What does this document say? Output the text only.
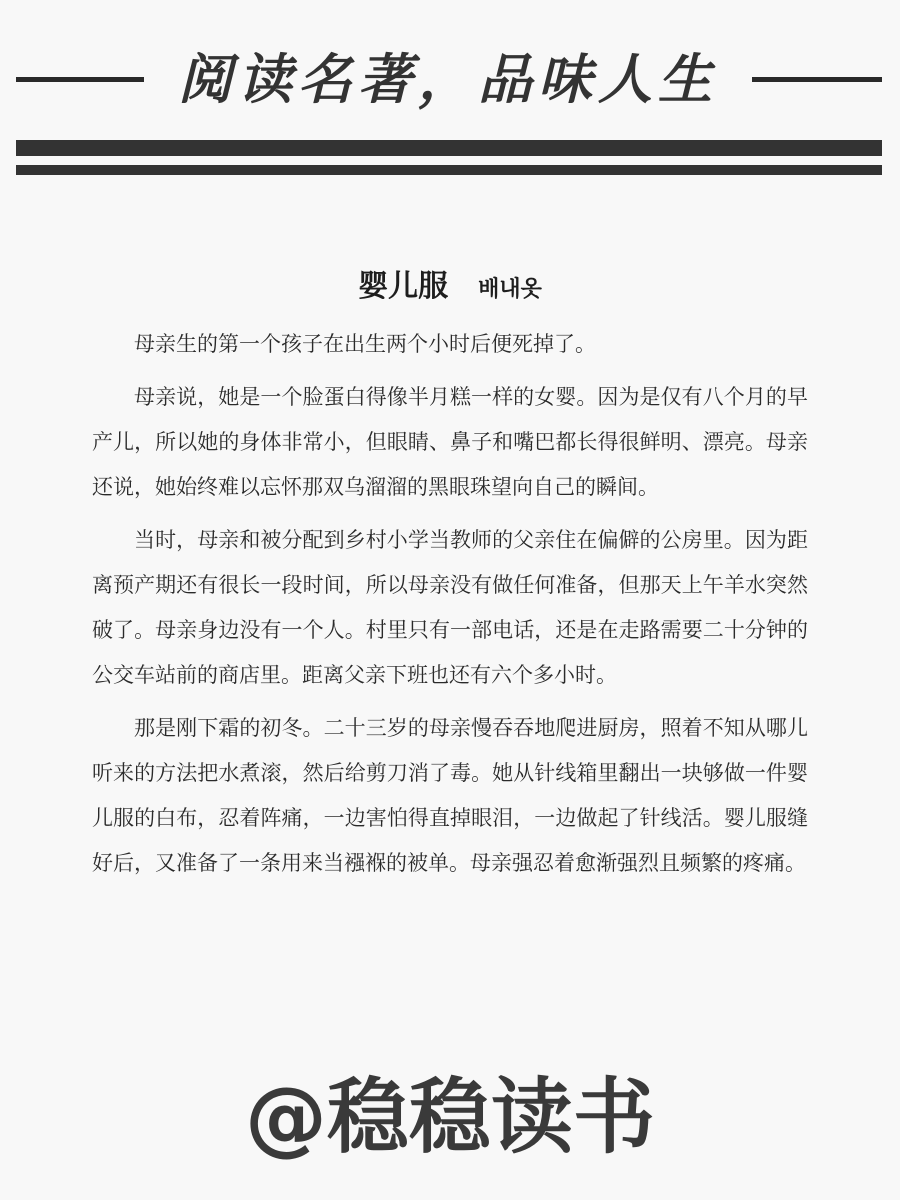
阅读名著，品味人生
婴儿服 배내옷

母亲生的第一个孩子在出生两个小时后便死掉了。

母亲说，她是一个脸蛋白得像半月糕一样的女婴。因为是仅有八个月的早产儿，所以她的身体非常小，但眼睛、鼻子和嘴巴都长得很鲜明、漂亮。母亲还说，她始终难以忘怀那双乌溜溜的黑眼珠望向自己的瞬间。

当时，母亲和被分配到乡村小学当教师的父亲住在偏僻的公房里。因为距离预产期还有很长一段时间，所以母亲没有做任何准备，但那天上午羊水突然破了。母亲身边没有一个人。村里只有一部电话，还是在走路需要二十分钟的公交车站前的商店里。距离父亲下班也还有六个多小时。

那是刚下霜的初冬。二十三岁的母亲慢吞吞地爬进厨房，照着不知从哪儿听来的方法把水煮滚，然后给剪刀消了毒。她从针线箱里翻出一块够做一件婴儿服的白布，忍着阵痛，一边害怕得直掉眼泪，一边做起了针线活。婴儿服缝好后，又准备了一条用来当襁褓的被单。母亲强忍着愈渐强烈且频繁的疼痛。

@稳稳读书
